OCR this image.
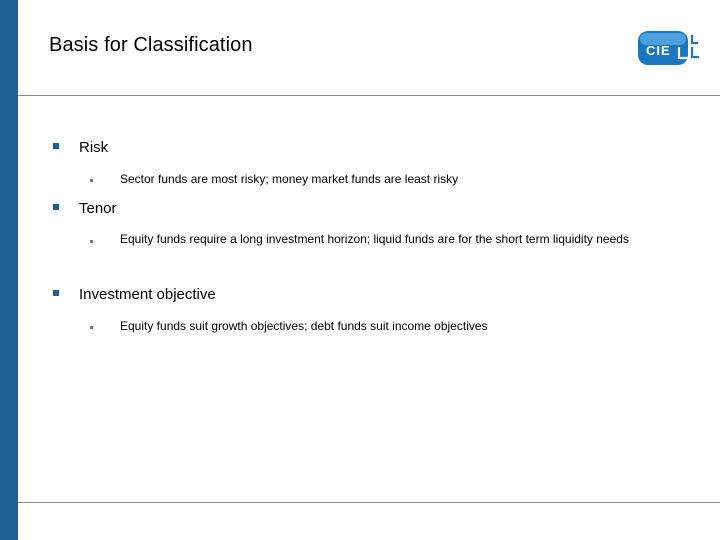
Basis for Classification	CIE
Risk
Sector funds are most risky; money market funds are least risky
Tenor
Equity funds require a long investment horizon; liquid funds are for the short term liquidity needs
Investment objective
Equity funds suit growth objectives; debt funds suit income objectives
